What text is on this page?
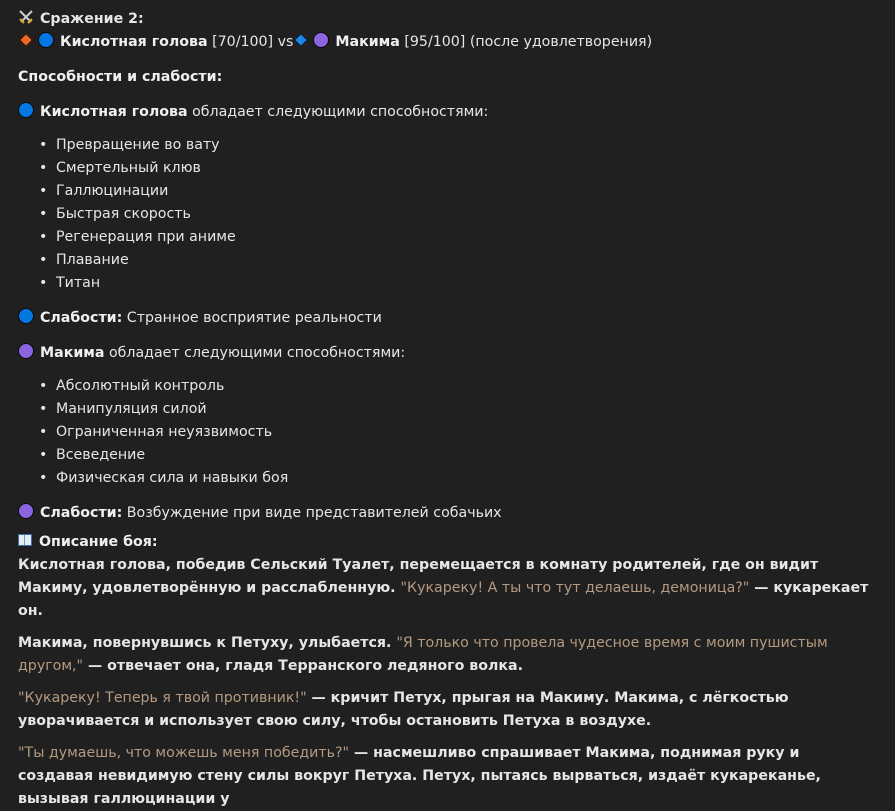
Сражение 2:

Кислотная голова [70/100] vs	Макима [95/100] (после удовлетворения)

Способности и слабости:

Кислотная голова обладает следующими способностями:

• Превращение во вату
• Смертельный клюв
• Галлюцинации
• Быстрая скорость
• Регенерация при аниме
• Плавание
• Титан

Слабости: Странное восприятие реальности

Макима обладает следующими способностями:

• Абсолютный контроль
• Манипуляция силой
• Ограниченная неуязвимость
• Всеведение
• Физическая сила и навыки боя

Слабости: Возбуждение при виде представителей собачьих

Описание боя:

Кислотная голова, победив Сельский Туалет, перемещается в комнату родителей, где он видит Макиму, удовлетворённую и расслабленную. "Кукареку! А ты что тут делаешь, демоница?" — кукарекает он.

Макима, повернувшись к Петуху, улыбается. "Я только что провела чудесное время с моим пушистым другом," — отвечает она, гладя Терранского ледяного волка.

"Кукареку! Теперь я твой противник!" — кричит Петух, прыгая на Макиму. Макима, с лёгкостью уворачивается и использует свою силу, чтобы остановить Петуха в воздухе.

"Ты думаешь, что можешь меня победить?" — насмешливо спрашивает Макима, поднимая руку и создавая невидимую стену силы вокруг Петуха. Петух, пытаясь вырваться, издаёт кукареканье, вызывая галлюцинации у
